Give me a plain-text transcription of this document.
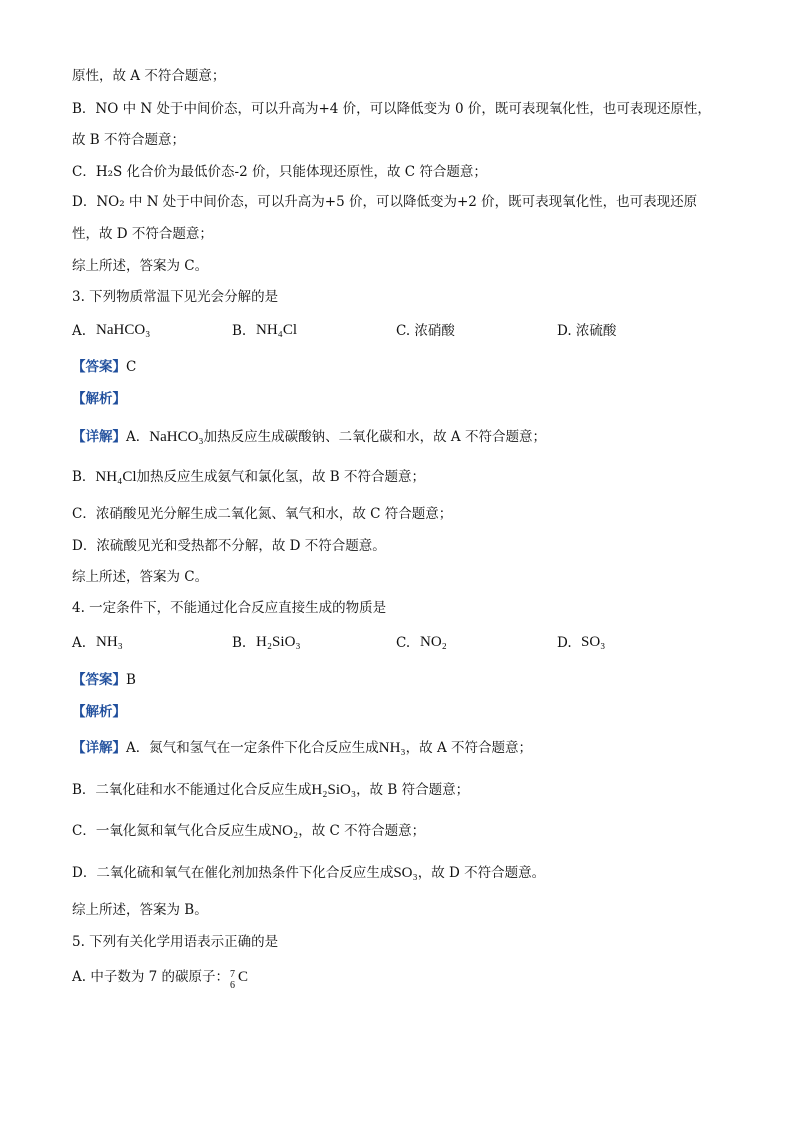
原性，故 A 不符合题意；
B．NO 中 N 处于中间价态，可以升高为+4 价，可以降低变为 0 价，既可表现氧化性，也可表现还原性，
故 B 不符合题意；
C．H₂S 化合价为最低价态-2 价，只能体现还原性，故 C 符合题意；
D．NO₂ 中 N 处于中间价态，可以升高为+5 价，可以降低变为+2 价，既可表现氧化性，也可表现还原
性，故 D 不符合题意；
综上所述，答案为 C。
3. 下列物质常温下见光会分解的是
A. NaHCO₃	B. NH₄Cl	C. 浓硝酸	D. 浓硫酸
【答案】C
【解析】
【详解】A．NaHCO₃加热反应生成碳酸钠、二氧化碳和水，故 A 不符合题意；
B．NH₄Cl加热反应生成氨气和氯化氢，故 B 不符合题意；
C．浓硝酸见光分解生成二氧化氮、氧气和水，故 C 符合题意；
D．浓硫酸见光和受热都不分解，故 D 不符合题意。
综上所述，答案为 C。
4. 一定条件下，不能通过化合反应直接生成的物质是
A. NH₃	B. H₂SiO₃	C. NO₂	D. SO₃
【答案】B
【解析】
【详解】A．氮气和氢气在一定条件下化合反应生成NH₃，故 A 不符合题意；
B．二氧化硅和水不能通过化合反应生成H₂SiO₃，故 B 符合题意；
C．一氧化氮和氧气化合反应生成NO₂，故 C 不符合题意；
D．二氧化硫和氧气在催化剂加热条件下化合反应生成SO₃，故 D 不符合题意。
综上所述，答案为 B。
5. 下列有关化学用语表示正确的是
A. 中子数为 7 的碳原子： 7
6 C
